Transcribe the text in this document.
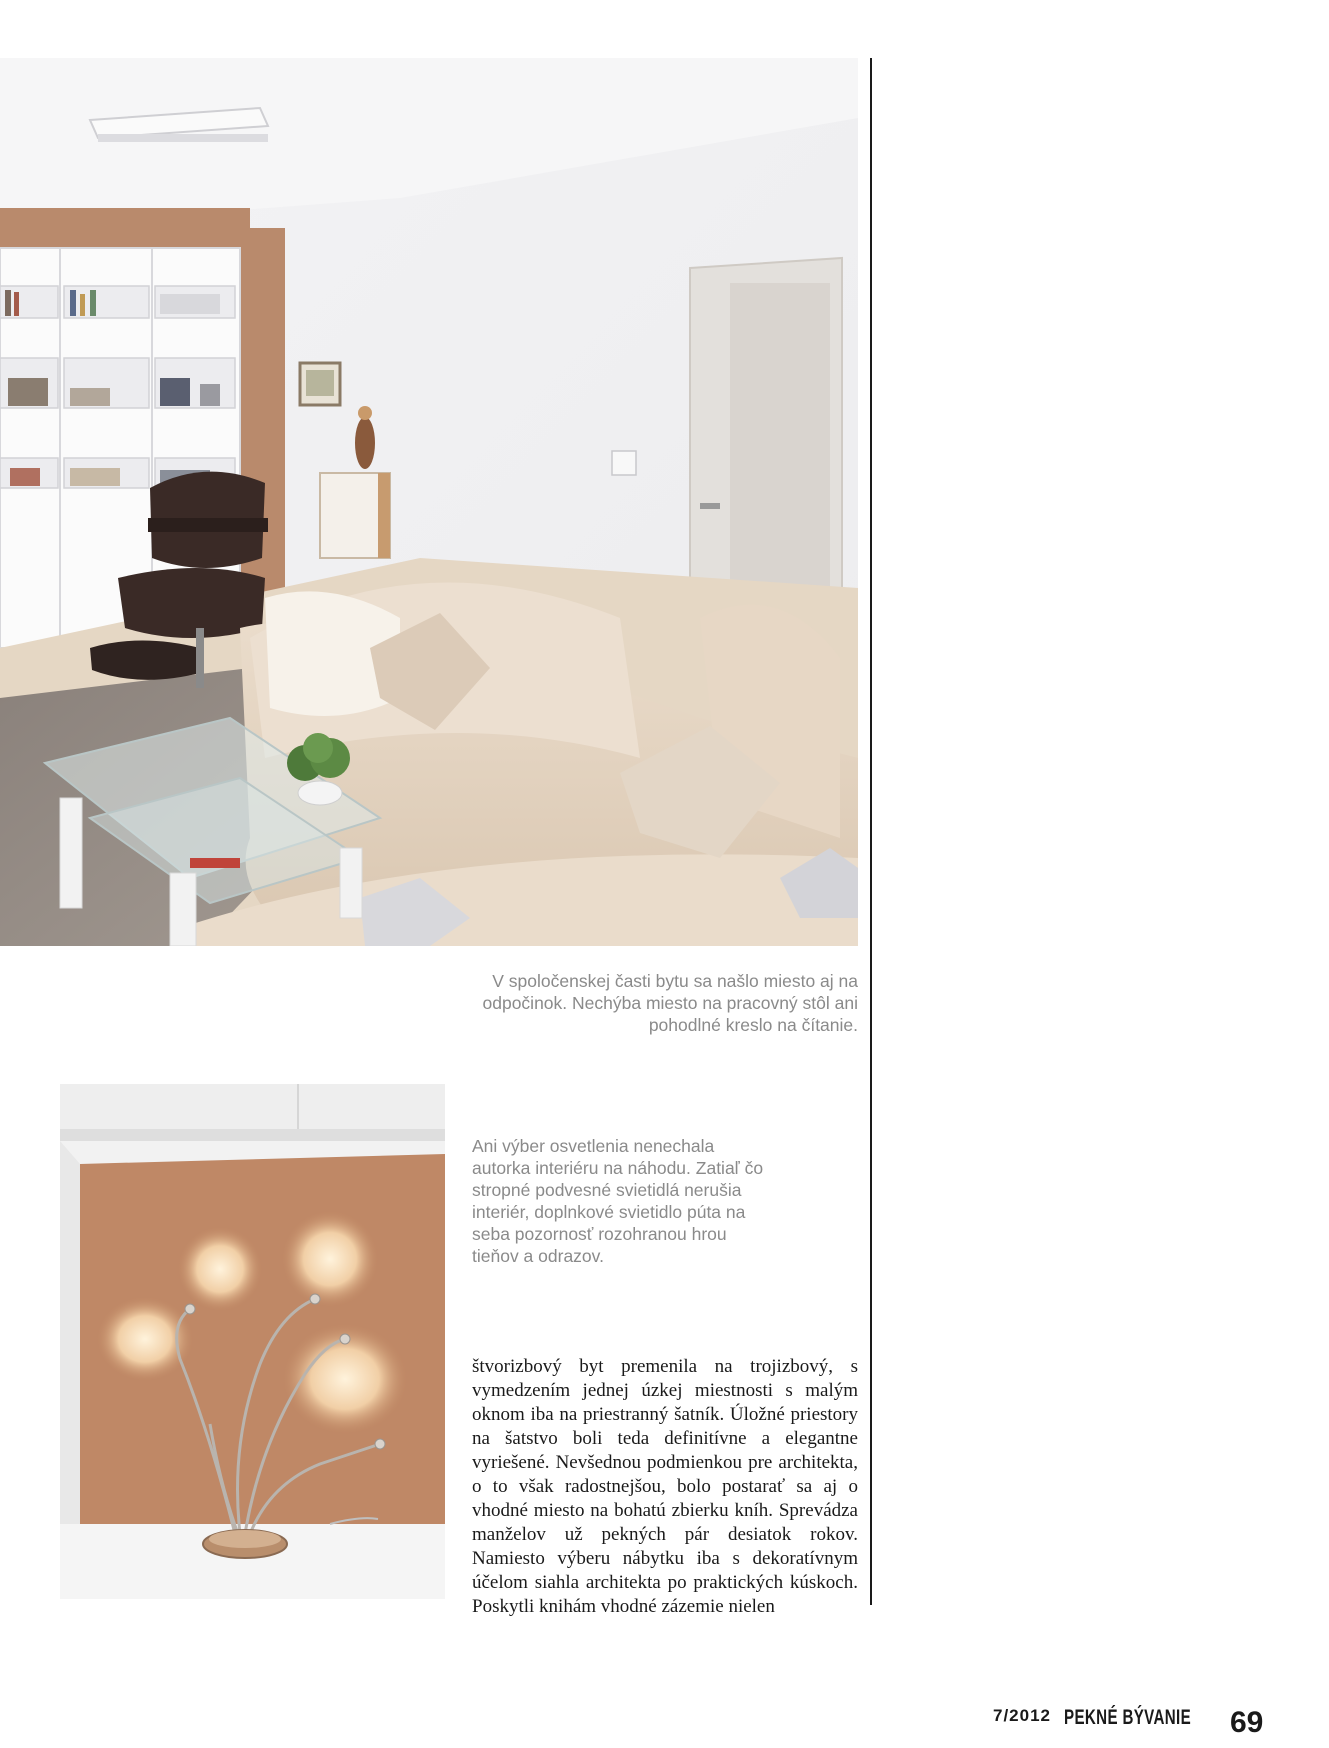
V spoločenskej časti bytu sa našlo miesto aj na odpočinok. Nechýba miesto na pracovný stôl ani pohodlné kreslo na čítanie.

Ani výber osvetlenia nenechala autorka interiéru na náhodu. Zatiaľ čo stropné podvesné svietidlá nerušia interiér, doplnkové svietidlo púta na seba pozornosť rozohranou hrou tieňov a odrazov.

štvorizbový byt premenila na trojizbový, s vymedzením jednej úzkej miestnosti s malým oknom iba na priestranný šatník. Úložné priestory na šatstvo boli teda definitívne a elegantne vyriešené. Nevšednou podmienkou pre architekta, o to však radostnejšou, bolo postarať sa aj o vhodné miesto na bohatú zbierku kníh. Sprevádza manželov už pekných pár desiatok rokov. Namiesto výberu nábytku iba s dekoratívnym účelom siahla architekta po praktických kúskoch. Poskytli knihám vhodné zázemie nielen

7/2012 PEKNÉ BÝVANIE 69
